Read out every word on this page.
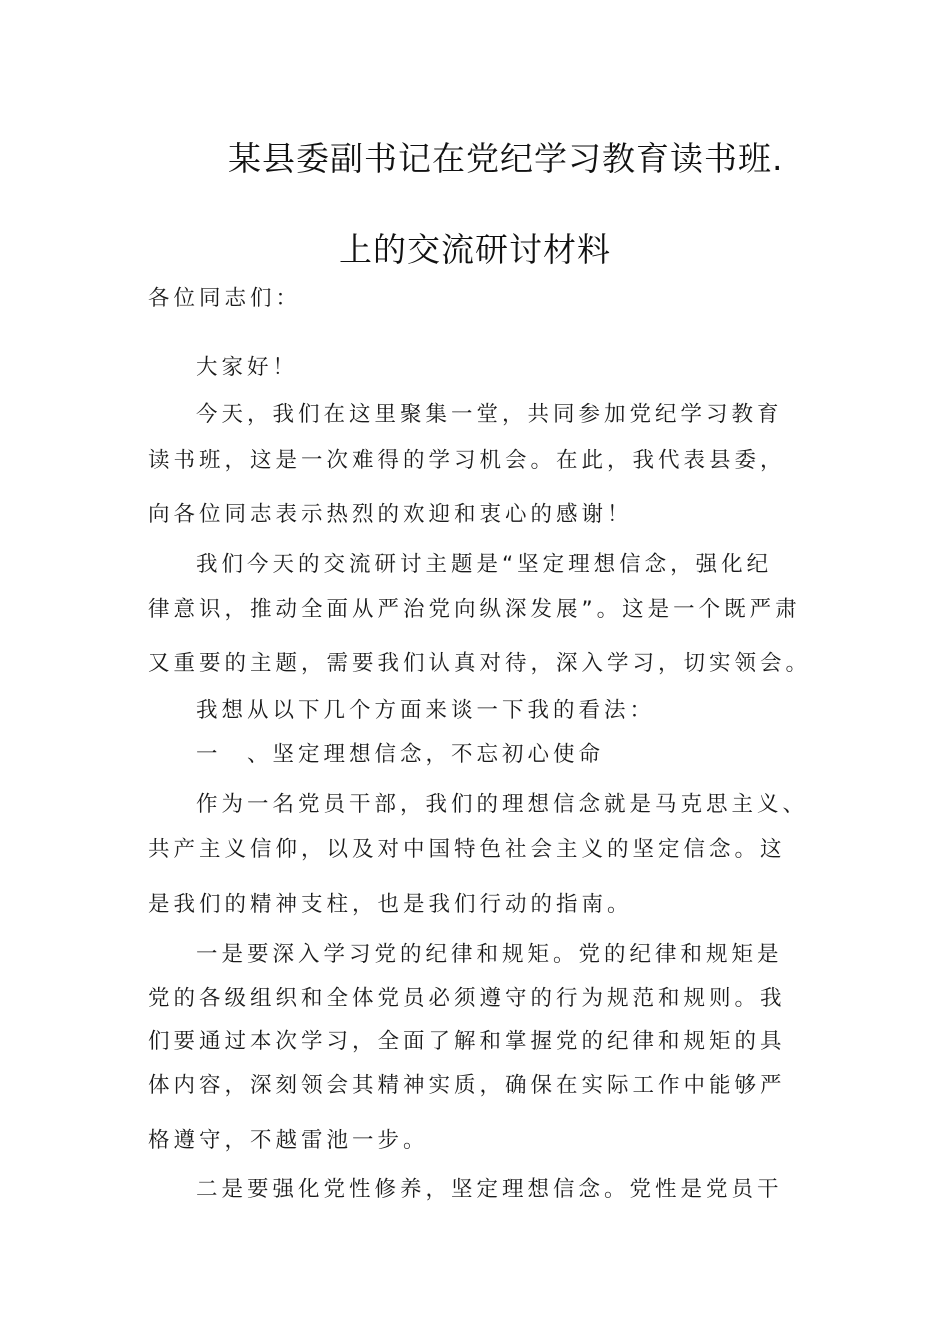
某县委副书记在党纪学习教育读书班.
上的交流研讨材料

各位同志们：

大家好！

今天，我们在这里聚集一堂，共同参加党纪学习教育

读书班，这是一次难得的学习机会。在此，我代表县委，

向各位同志表示热烈的欢迎和衷心的感谢！

我们今天的交流研讨主题是“坚定理想信念，强化纪

律意识，推动全面从严治党向纵深发展”。这是一个既严肃

又重要的主题，需要我们认真对待，深入学习，切实领会。

我想从以下几个方面来谈一下我的看法：

一　、坚定理想信念，不忘初心使命

作为一名党员干部，我们的理想信念就是马克思主义、

共产主义信仰，以及对中国特色社会主义的坚定信念。这

是我们的精神支柱，也是我们行动的指南。

一是要深入学习党的纪律和规矩。党的纪律和规矩是

党的各级组织和全体党员必须遵守的行为规范和规则。我

们要通过本次学习，全面了解和掌握党的纪律和规矩的具

体内容，深刻领会其精神实质，确保在实际工作中能够严

格遵守，不越雷池一步。

二是要强化党性修养，坚定理想信念。党性是党员干
